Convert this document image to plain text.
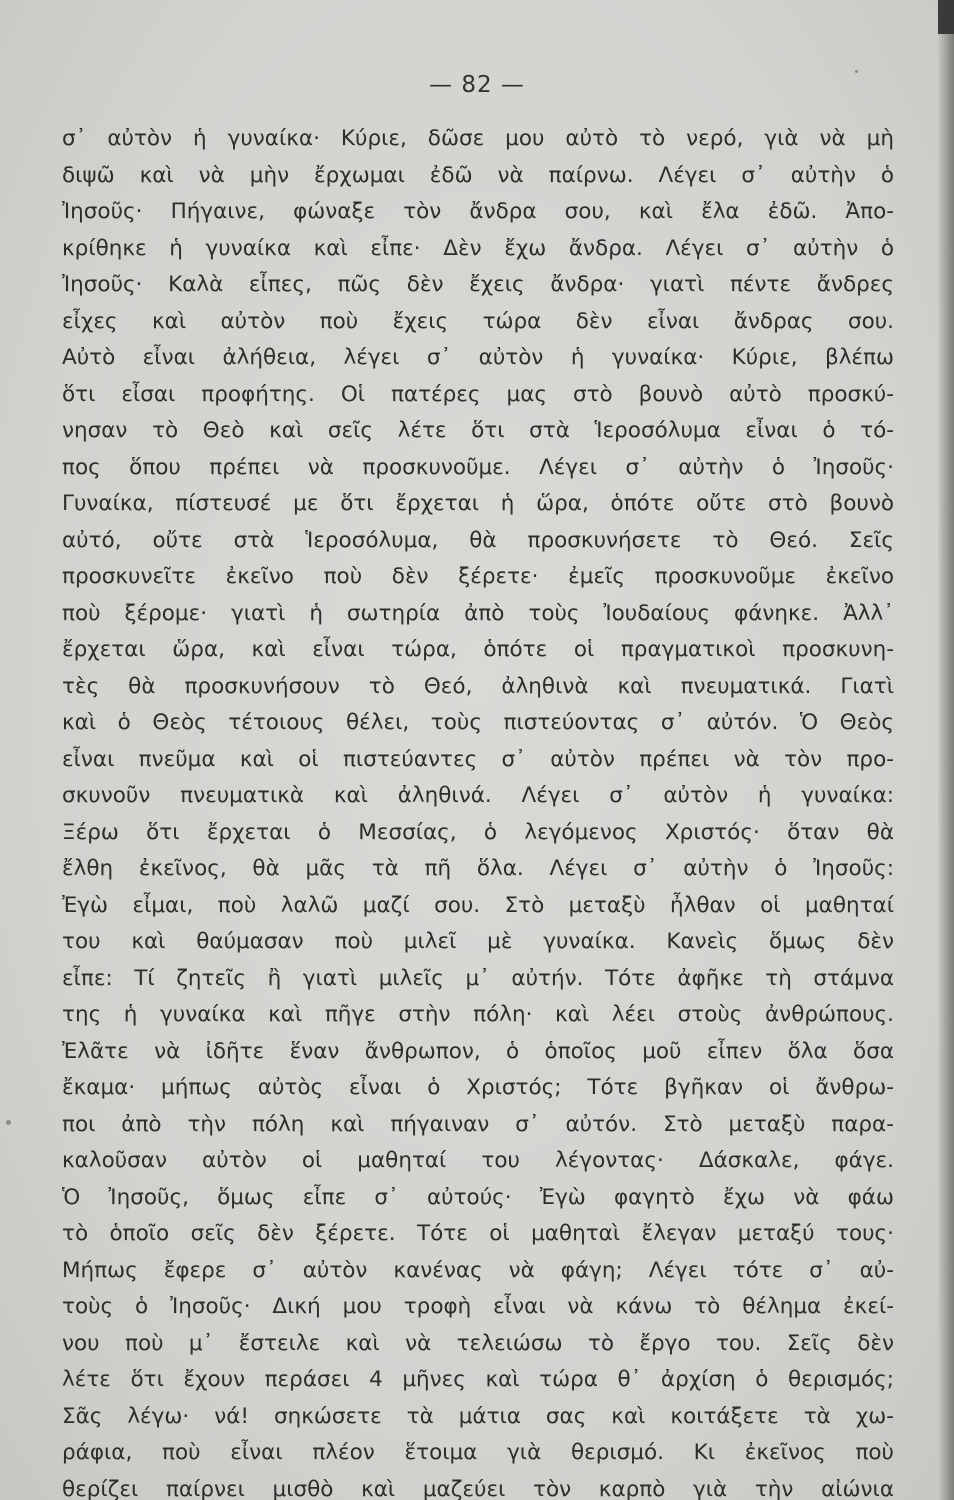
— 82 —
σ᾿ αὐτὸν ἡ γυναίκα· Κύριε, δῶσε μου αὐτὸ τὸ νερό, γιὰ νὰ μὴ
διψῶ καὶ νὰ μὴν ἔρχωμαι ἐδῶ νὰ παίρνω. Λέγει σ᾿ αὐτὴν ὁ
Ἰησοῦς· Πήγαινε, φώναξε τὸν ἄνδρα σου, καὶ ἔλα ἐδῶ. Ἀπο-
κρίθηκε ἡ γυναίκα καὶ εἶπε· Δὲν ἔχω ἄνδρα. Λέγει σ᾿ αὐτὴν ὁ
Ἰησοῦς· Καλὰ εἶπες, πῶς δὲν ἔχεις ἄνδρα· γιατὶ πέντε ἄνδρες
εἶχες καὶ αὐτὸν ποὺ ἔχεις τώρα δὲν εἶναι ἄνδρας σου.
Αὐτὸ εἶναι ἀλήθεια, λέγει σ᾿ αὐτὸν ἡ γυναίκα· Κύριε, βλέπω
ὅτι εἶσαι προφήτης. Οἱ πατέρες μας στὸ βουνὸ αὐτὸ προσκύ-
νησαν τὸ Θεὸ καὶ σεῖς λέτε ὅτι στὰ Ἱεροσόλυμα εἶναι ὁ τό-
πος ὅπου πρέπει νὰ προσκυνοῦμε. Λέγει σ᾿ αὐτὴν ὁ Ἰησοῦς·
Γυναίκα, πίστευσέ με ὅτι ἔρχεται ἡ ὥρα, ὁπότε οὔτε στὸ βουνὸ
αὐτό, οὔτε στὰ Ἱεροσόλυμα, θὰ προσκυνήσετε τὸ Θεό. Σεῖς
προσκυνεῖτε ἐκεῖνο ποὺ δὲν ξέρετε· ἐμεῖς προσκυνοῦμε ἐκεῖνο
ποὺ ξέρομε· γιατὶ ἡ σωτηρία ἀπὸ τοὺς Ἰουδαίους φάνηκε. Ἀλλ᾿
ἔρχεται ὥρα, καὶ εἶναι τώρα, ὁπότε οἱ πραγματικοὶ προσκυνη-
τὲς θὰ προσκυνήσουν τὸ Θεό, ἀληθινὰ καὶ πνευματικά. Γιατὶ
καὶ ὁ Θεὸς τέτοιους θέλει, τοὺς πιστεύοντας σ᾿ αὐτόν. Ὁ Θεὸς
εἶναι πνεῦμα καὶ οἱ πιστεύαντες σ᾿ αὐτὸν πρέπει νὰ τὸν προ-
σκυνοῦν πνευματικὰ καὶ ἀληθινά. Λέγει σ᾿ αὐτὸν ἡ γυναίκα:
Ξέρω ὅτι ἔρχεται ὁ Μεσσίας, ὁ λεγόμενος Χριστός· ὅταν θὰ
ἔλθη ἐκεῖνος, θὰ μᾶς τὰ πῆ ὅλα. Λέγει σ᾿ αὐτὴν ὁ Ἰησοῦς:
Ἐγὼ εἶμαι, ποὺ λαλῶ μαζί σου. Στὸ μεταξὺ ἦλθαν οἱ μαθηταί
του καὶ θαύμασαν ποὺ μιλεῖ μὲ γυναίκα. Κανεὶς ὅμως δὲν
εἶπε: Τί ζητεῖς ἢ γιατὶ μιλεῖς μ᾿ αὐτήν. Τότε ἀφῆκε τὴ στάμνα
της ἡ γυναίκα καὶ πῆγε στὴν πόλη· καὶ λέει στοὺς ἀνθρώπους.
Ἐλᾶτε νὰ ἰδῆτε ἕναν ἄνθρωπον, ὁ ὁποῖος μοῦ εἶπεν ὅλα ὅσα
ἔκαμα· μήπως αὐτὸς εἶναι ὁ Χριστός; Τότε βγῆκαν οἱ ἄνθρω-
ποι ἀπὸ τὴν πόλη καὶ πήγαιναν σ᾿ αὐτόν. Στὸ μεταξὺ παρα-
καλοῦσαν αὐτὸν οἱ μαθηταί του λέγοντας· Δάσκαλε, φάγε.
Ὁ Ἰησοῦς, ὅμως εἶπε σ᾿ αὐτούς· Ἐγὼ φαγητὸ ἔχω νὰ φάω
τὸ ὁποῖο σεῖς δὲν ξέρετε. Τότε οἱ μαθηταὶ ἔλεγαν μεταξύ τους·
Μήπως ἔφερε σ᾿ αὐτὸν κανένας νὰ φάγη; Λέγει τότε σ᾿ αὐ-
τοὺς ὁ Ἰησοῦς· Δική μου τροφὴ εἶναι νὰ κάνω τὸ θέλημα ἐκεί-
νου ποὺ μ᾿ ἔστειλε καὶ νὰ τελειώσω τὸ ἔργο του. Σεῖς δὲν
λέτε ὅτι ἔχουν περάσει 4 μῆνες καὶ τώρα θ᾿ ἀρχίση ὁ θερισμός;
Σᾶς λέγω· νά! σηκώσετε τὰ μάτια σας καὶ κοιτάξετε τὰ χω-
ράφια, ποὺ εἶναι πλέον ἕτοιμα γιὰ θερισμό. Κι ἐκεῖνος ποὺ
θερίζει παίρνει μισθὸ καὶ μαζεύει τὸν καρπὸ γιὰ τὴν αἰώνια
